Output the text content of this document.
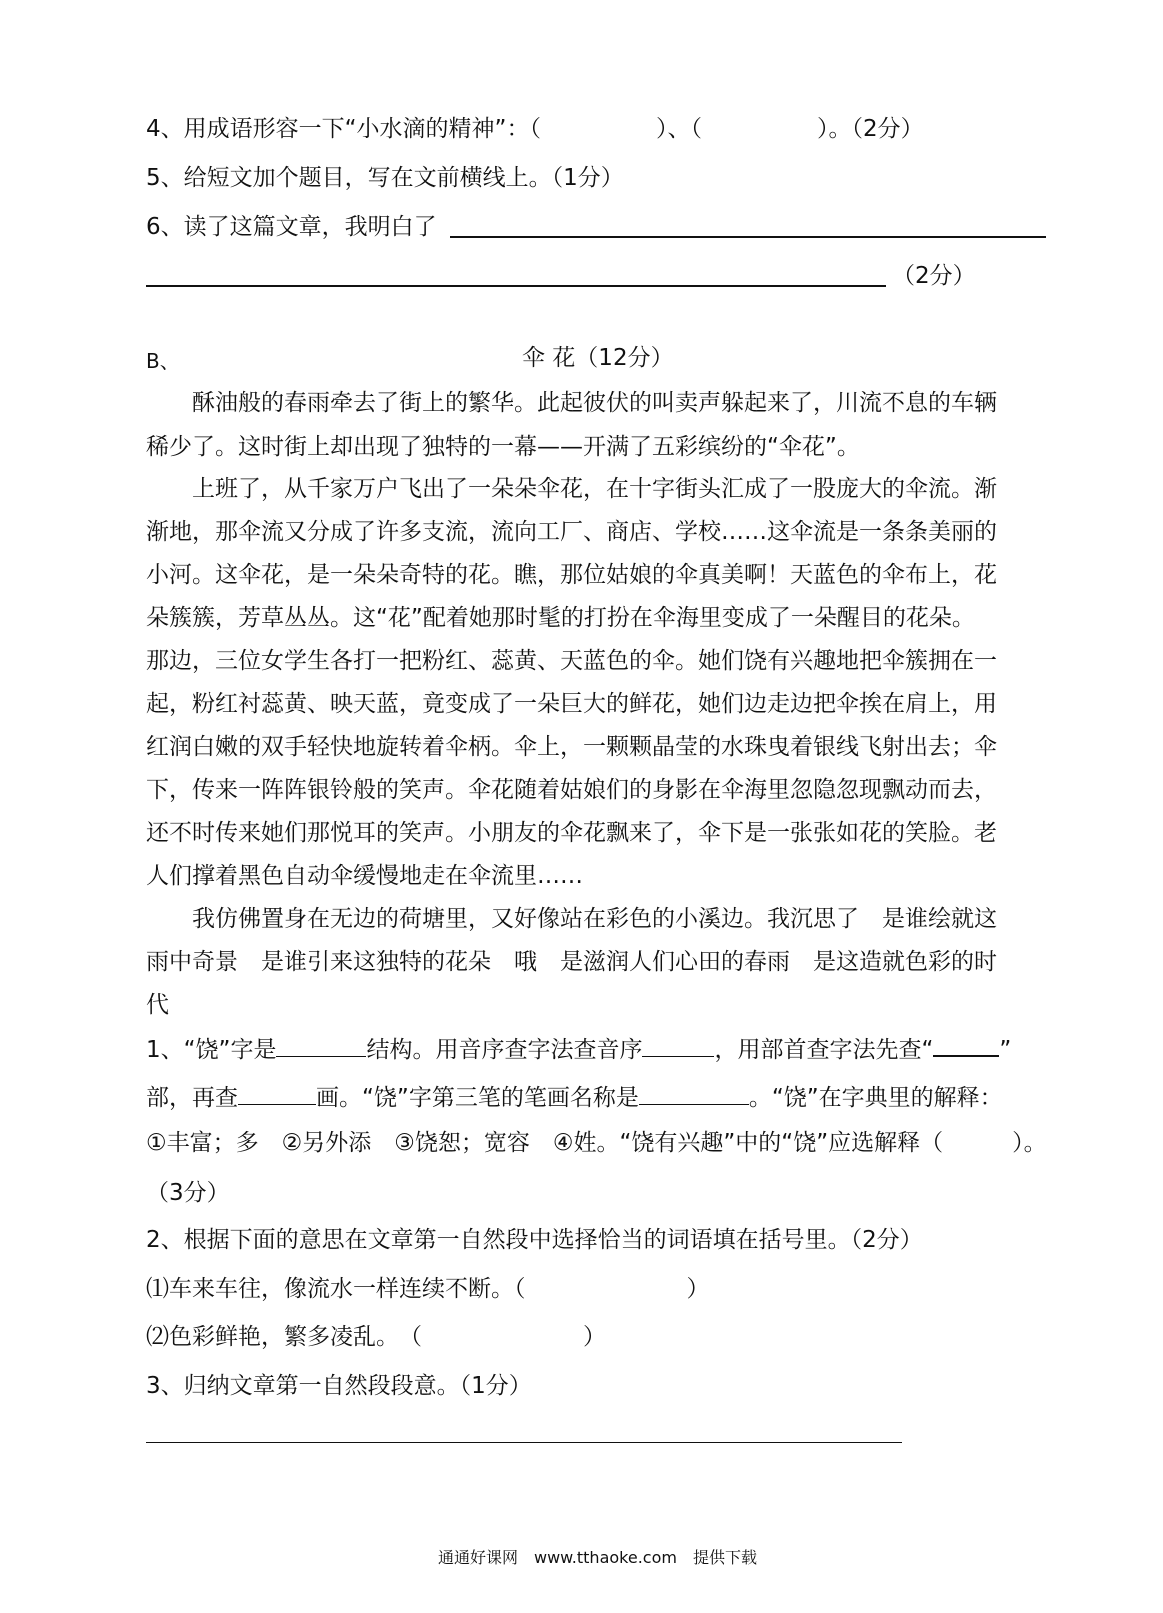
4、用成语形容一下“小水滴的精神”：（　　　　　）、（　　　　　）。（2分）
5、给短文加个题目，写在文前横线上。（1分）
6、读了这篇文章，我明白了
（2分）
B、	伞 花（12分）
酥油般的春雨牵去了街上的繁华。此起彼伏的叫卖声躲起来了，川流不息的车辆
稀少了。这时街上却出现了独特的一幕——开满了五彩缤纷的“伞花”。
上班了，从千家万户飞出了一朵朵伞花，在十字街头汇成了一股庞大的伞流。渐
渐地，那伞流又分成了许多支流，流向工厂、商店、学校……这伞流是一条条美丽的
小河。这伞花，是一朵朵奇特的花。瞧，那位姑娘的伞真美啊！天蓝色的伞布上，花
朵簇簇，芳草丛丛。这“花”配着她那时髦的打扮在伞海里变成了一朵醒目的花朵。
那边，三位女学生各打一把粉红、蕊黄、天蓝色的伞。她们饶有兴趣地把伞簇拥在一
起，粉红衬蕊黄、映天蓝，竟变成了一朵巨大的鲜花，她们边走边把伞挨在肩上，用
红润白嫩的双手轻快地旋转着伞柄。伞上，一颗颗晶莹的水珠曳着银线飞射出去；伞
下，传来一阵阵银铃般的笑声。伞花随着姑娘们的身影在伞海里忽隐忽现飘动而去，
还不时传来她们那悦耳的笑声。小朋友的伞花飘来了，伞下是一张张如花的笑脸。老
人们撑着黑色自动伞缓慢地走在伞流里……
我仿佛置身在无边的荷塘里，又好像站在彩色的小溪边。我沉思了　是谁绘就这
雨中奇景　是谁引来这独特的花朵　哦　是滋润人们心田的春雨　是这造就色彩的时
代
1、“饶”字是	结构。用音序查字法查音序	，用部首查字法先查“	”
部，再查	画。“饶”字第三笔的笔画名称是	。“饶”在字典里的解释：
①丰富；多　②另外添　③饶恕；宽容　④姓。“饶有兴趣”中的“饶”应选解释（　　　）。
（3分）
2、根据下面的意思在文章第一自然段中选择恰当的词语填在括号里。（2分）
⑴车来车往，像流水一样连续不断。（　　　　　　　）
⑵色彩鲜艳，繁多凌乱。　（　　　　　　　）
3、归纳文章第一自然段段意。（1分）
通通好课网　www.tthaoke.com　提供下载
